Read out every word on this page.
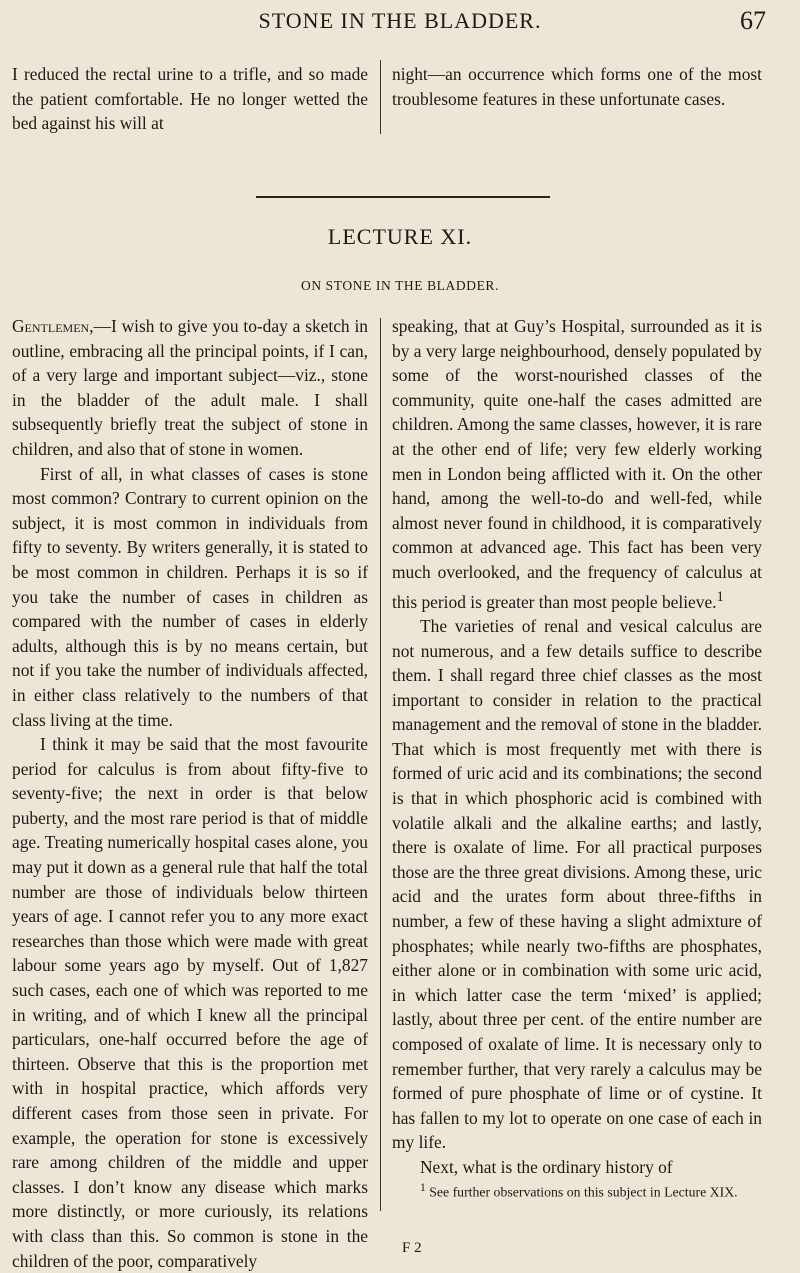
STONE IN THE BLADDER.	67

I reduced the rectal urine to a trifle, and so made the patient comfortable. He no longer wetted the bed against his will at

night—an occurrence which forms one of the most troublesome features in these unfortunate cases.

LECTURE XI.
ON STONE IN THE BLADDER.

Gentlemen,—I wish to give you to-day a sketch in outline, embracing all the principal points, if I can, of a very large and important subject—viz., stone in the bladder of the adult male. I shall subsequently briefly treat the subject of stone in children, and also that of stone in women.

First of all, in what classes of cases is stone most common? Contrary to current opinion on the subject, it is most common in individuals from fifty to seventy. By writers generally, it is stated to be most common in children. Perhaps it is so if you take the number of cases in children as compared with the number of cases in elderly adults, although this is by no means certain, but not if you take the number of individuals affected, in either class relatively to the numbers of that class living at the time.

I think it may be said that the most favourite period for calculus is from about fifty-five to seventy-five; the next in order is that below puberty, and the most rare period is that of middle age. Treating numerically hospital cases alone, you may put it down as a general rule that half the total number are those of individuals below thirteen years of age. I cannot refer you to any more exact researches than those which were made with great labour some years ago by myself. Out of 1,827 such cases, each one of which was reported to me in writing, and of which I knew all the principal particulars, one-half occurred before the age of thirteen. Observe that this is the proportion met with in hospital practice, which affords very different cases from those seen in private. For example, the operation for stone is excessively rare among children of the middle and upper classes. I don’t know any disease which marks more distinctly, or more curiously, its relations with class than this. So common is stone in the children of the poor, comparatively

speaking, that at Guy’s Hospital, surrounded as it is by a very large neighbourhood, densely populated by some of the worst-nourished classes of the community, quite one-half the cases admitted are children. Among the same classes, however, it is rare at the other end of life; very few elderly working men in London being afflicted with it. On the other hand, among the well-to-do and well-fed, while almost never found in childhood, it is comparatively common at advanced age. This fact has been very much overlooked, and the frequency of calculus at this period is greater than most people believe.$^1$

The varieties of renal and vesical calculus are not numerous, and a few details suffice to describe them. I shall regard three chief classes as the most important to consider in relation to the practical management and the removal of stone in the bladder. That which is most frequently met with there is formed of uric acid and its combinations; the second is that in which phosphoric acid is combined with volatile alkali and the alkaline earths; and lastly, there is oxalate of lime. For all practical purposes those are the three great divisions. Among these, uric acid and the urates form about three-fifths in number, a few of these having a slight admixture of phosphates; while nearly two-fifths are phosphates, either alone or in combination with some uric acid, in which latter case the term ‘mixed’ is applied; lastly, about three per cent. of the entire number are composed of oxalate of lime. It is necessary only to remember further, that very rarely a calculus may be formed of pure phosphate of lime or of cystine. It has fallen to my lot to operate on one case of each in my life.

Next, what is the ordinary history of

$^1$ See further observations on this subject in Lecture XIX.

F 2
